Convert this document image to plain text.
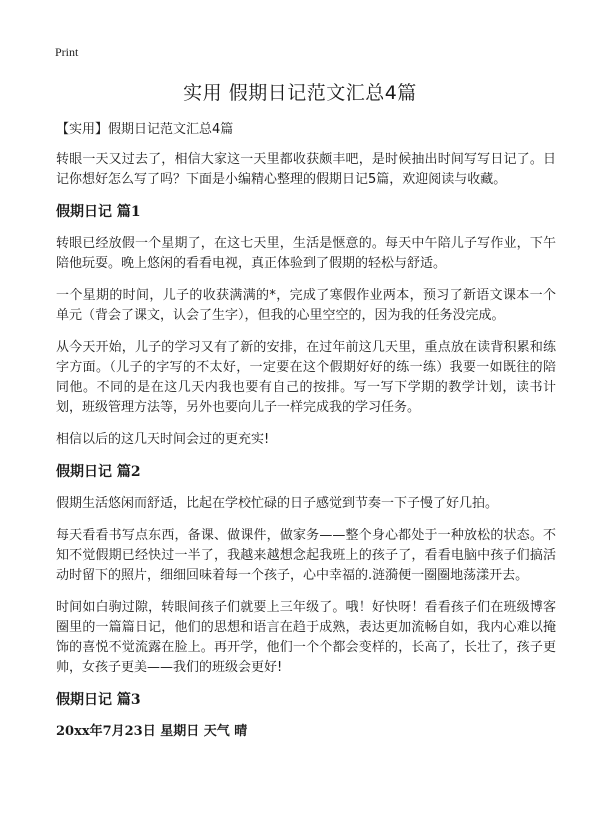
Print
实用 假期日记范文汇总4篇

【实用】假期日记范文汇总4篇

转眼一天又过去了，相信大家这一天里都收获颇丰吧，是时候抽出时间写写日记了。日记你想好怎么写了吗？下面是小编精心整理的假期日记5篇，欢迎阅读与收藏。

假期日记 篇1

转眼已经放假一个星期了，在这七天里，生活是惬意的。每天中午陪儿子写作业，下午陪他玩耍。晚上悠闲的看看电视，真正体验到了假期的轻松与舒适。

一个星期的时间，儿子的收获满满的*，完成了寒假作业两本，预习了新语文课本一个单元（背会了课文，认会了生字），但我的心里空空的，因为我的任务没完成。

从今天开始，儿子的学习又有了新的安排，在过年前这几天里，重点放在读背积累和练字方面。（儿子的字写的不太好，一定要在这个假期好好的练一练）我要一如既往的陪同他。不同的是在这几天内我也要有自己的按排。写一写下学期的教学计划，读书计划，班级管理方法等，另外也要向儿子一样完成我的学习任务。

相信以后的这几天时间会过的更充实!

假期日记 篇2

假期生活悠闲而舒适，比起在学校忙碌的日子感觉到节奏一下子慢了好几拍。

每天看看书写点东西，备课、做课件，做家务——整个身心都处于一种放松的状态。不知不觉假期已经快过一半了，我越来越想念起我班上的孩子了，看看电脑中孩子们搞活动时留下的照片，细细回味着每一个孩子，心中幸福的.涟漪便一圈圈地荡漾开去。

时间如白驹过隙，转眼间孩子们就要上三年级了。哦！好快呀！看看孩子们在班级博客圈里的一篇篇日记，他们的思想和语言在趋于成熟，表达更加流畅自如，我内心难以掩饰的喜悦不觉流露在脸上。再开学，他们一个个都会变样的，长高了，长壮了，孩子更帅，女孩子更美——我们的班级会更好!

假期日记 篇3

20xx年7月23日 星期日 天气 晴
